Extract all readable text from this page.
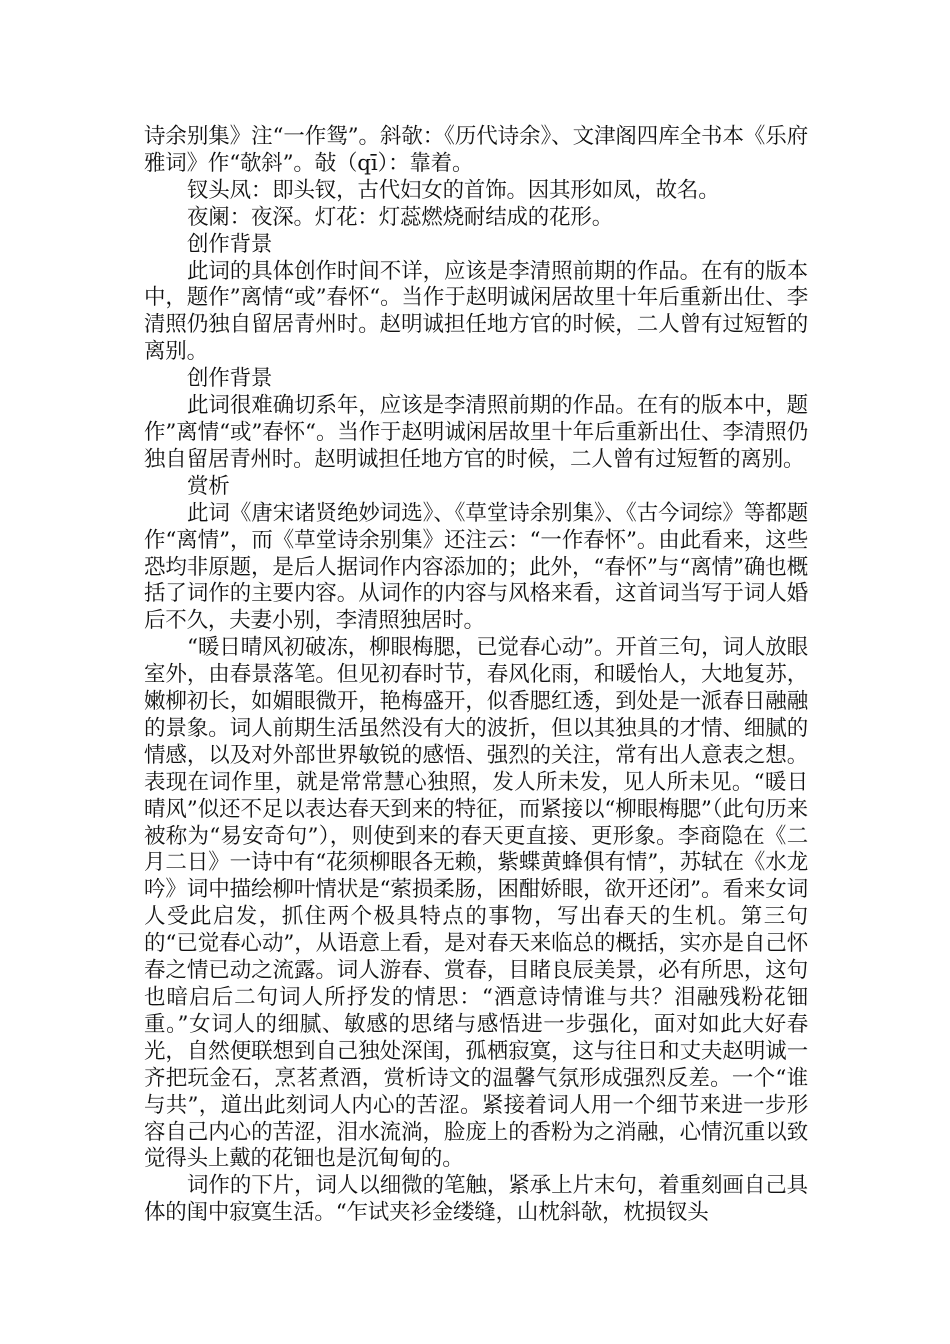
诗余别集》注“一作鸳”。斜欹：《历代诗余》、文津阁四库全书本《乐府雅词》作“欹斜”。敧（qī）：靠着。

钗头凤：即头钗，古代妇女的首饰。因其形如凤，故名。

夜阑：夜深。灯花：灯蕊燃烧耐结成的花形。

创作背景

此词的具体创作时间不详，应该是李清照前期的作品。在有的版本中，题作”离情“或”春怀“。当作于赵明诚闲居故里十年后重新出仕、李清照仍独自留居青州时。赵明诚担任地方官的时候，二人曾有过短暂的离别。

创作背景

此词很难确切系年，应该是李清照前期的作品。在有的版本中，题作”离情“或”春怀“。当作于赵明诚闲居故里十年后重新出仕、李清照仍独自留居青州时。赵明诚担任地方官的时候，二人曾有过短暂的离别。

赏析

此词《唐宋诸贤绝妙词选》、《草堂诗余别集》、《古今词综》等都题作“离情”，而《草堂诗余别集》还注云：“一作春怀”。由此看来，这些恐均非原题，是后人据词作内容添加的；此外，“春怀”与“离情”确也概括了词作的主要内容。从词作的内容与风格来看，这首词当写于词人婚后不久，夫妻小别，李清照独居时。

“暖日晴风初破冻，柳眼梅腮，已觉春心动”。开首三句，词人放眼室外，由春景落笔。但见初春时节，春风化雨，和暖怡人，大地复苏，嫩柳初长，如媚眼微开，艳梅盛开，似香腮红透，到处是一派春日融融的景象。词人前期生活虽然没有大的波折，但以其独具的才情、细腻的情感，以及对外部世界敏锐的感悟、强烈的关注，常有出人意表之想。表现在词作里，就是常常慧心独照，发人所未发，见人所未见。“暖日晴风”似还不足以表达春天到来的特征，而紧接以“柳眼梅腮”（此句历来被称为“易安奇句”），则使到来的春天更直接、更形象。李商隐在《二月二日》一诗中有“花须柳眼各无赖，紫蝶黄蜂俱有情”，苏轼在《水龙吟》词中描绘柳叶情状是“萦损柔肠，困酣娇眼，欲开还闭”。看来女词人受此启发，抓住两个极具特点的事物，写出春天的生机。第三句的“已觉春心动”，从语意上看，是对春天来临总的概括，实亦是自己怀春之情已动之流露。词人游春、赏春，目睹良辰美景，必有所思，这句也暗启后二句词人所抒发的情思：“酒意诗情谁与共？泪融残粉花钿重。”女词人的细腻、敏感的思绪与感悟进一步强化，面对如此大好春光，自然便联想到自己独处深闺，孤栖寂寞，这与往日和丈夫赵明诚一齐把玩金石，烹茗煮酒，赏析诗文的温馨气氛形成强烈反差。一个“谁与共”，道出此刻词人内心的苦涩。紧接着词人用一个细节来进一步形容自己内心的苦涩，泪水流淌，脸庞上的香粉为之消融，心情沉重以致觉得头上戴的花钿也是沉甸甸的。

词作的下片，词人以细微的笔触，紧承上片末句，着重刻画自己具体的闺中寂寞生活。“乍试夹衫金缕缝，山枕斜欹，枕损钗头
